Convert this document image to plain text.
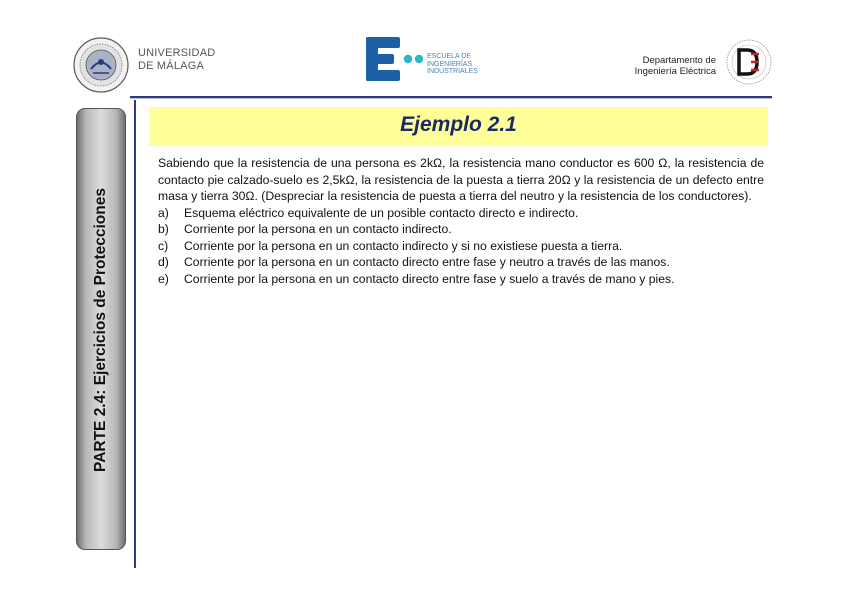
UNIVERSIDAD
DE MÁLAGA
ESCUELA DE
INGENIERÍAS
INDUSTRIALES
Departamento de
Ingeniería Eléctrica
PARTE 2.4: Ejercicios de Protecciones
Ejemplo 2.1

Sabiendo que la resistencia de una persona es 2kΩ, la resistencia mano conductor es 600 Ω, la resistencia de contacto pie calzado-suelo es 2,5kΩ, la resistencia de la puesta a tierra 20Ω y la resistencia de un defecto entre masa y tierra 30Ω. (Despreciar la resistencia de puesta a tierra del neutro y la resistencia de los conductores).

a)	Esquema eléctrico equivalente de un posible contacto directo e indirecto.
b)	Corriente por la persona en un contacto indirecto.
c)	Corriente por la persona en un contacto indirecto y si no existiese puesta a tierra.
d)	Corriente por la persona en un contacto directo entre fase y neutro a través de las manos.
e)	Corriente por la persona en un contacto directo entre fase y suelo a través de mano y pies.
